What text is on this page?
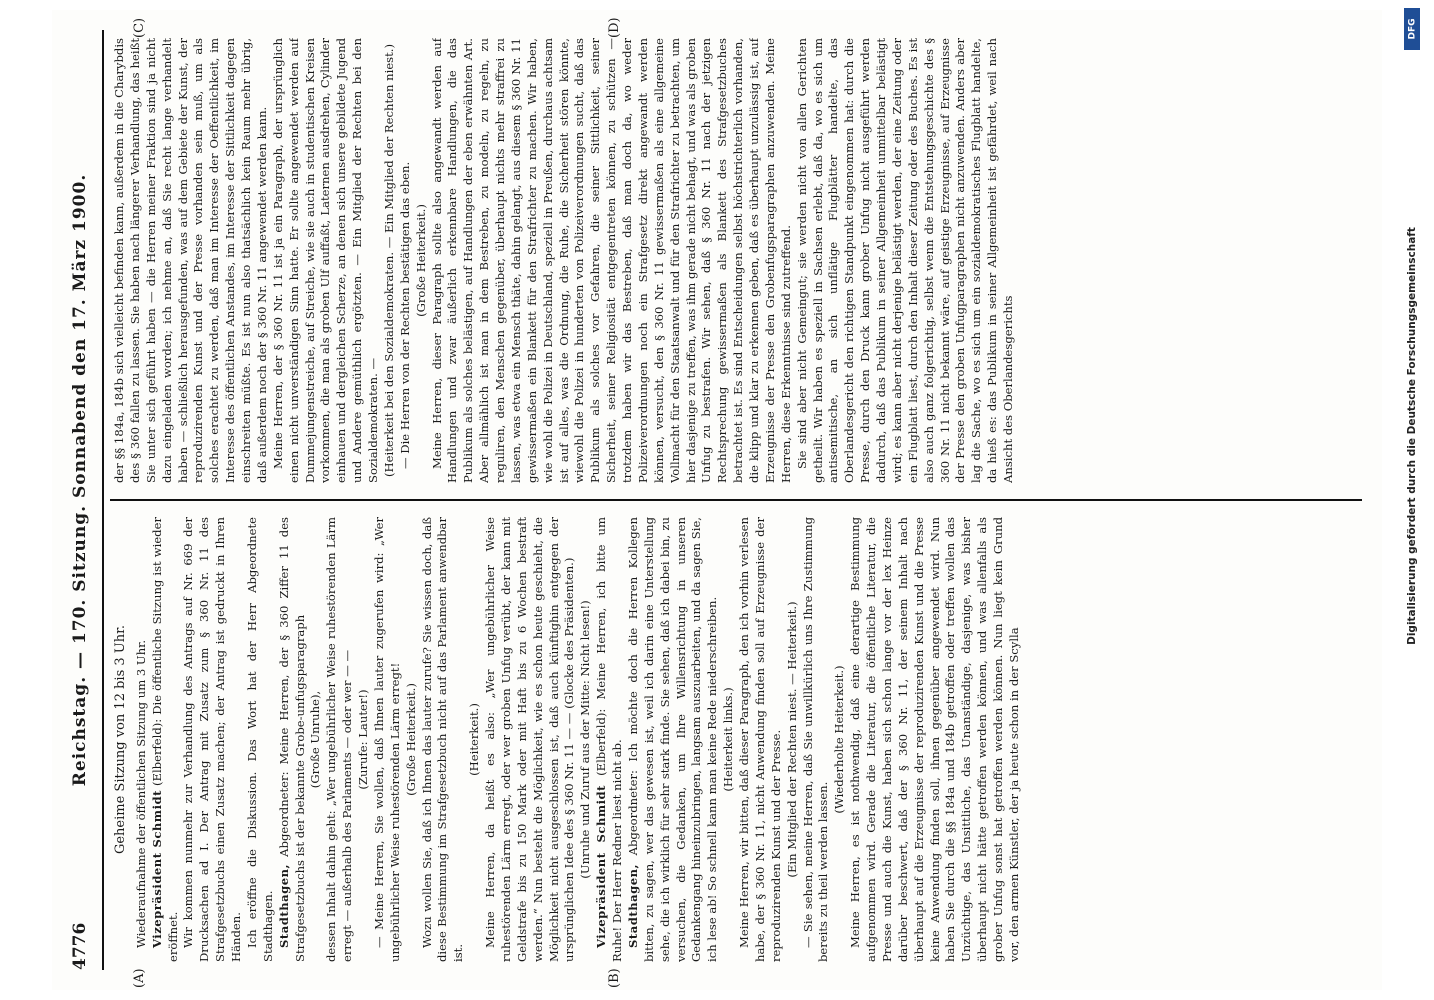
4776
Reichstag. — 170. Sitzung. Sonnabend den 17. März 1900.
(A)	(B)
(C)	(D)

Geheime Sitzung von 12 bis 3 Uhr. Wiederaufnahme der öffentlichen Sitzung um 3 Uhr. Vizepräsident Schmidt (Elberfeld): Die öffentliche Sitzung ist wieder eröffnet. Wir kommen nunmehr zur Verhandlung des Antrags auf Nr. 669 der Drucksachen ad I. Der Antrag mit Zusatz zum § 360 Nr. 11 des Strafgesetzbuchs einen Zusatz machen; der Antrag ist gedruckt in Ihren Händen. Ich eröffne die Diskussion. Das Wort hat der Herr Abgeordnete Stadthagen. Stadthagen, Abgeordneter: Meine Herren, der § 360 Ziffer 11 des Strafgesetzbuchs ist der bekannte Grobe-unfugsparagraph (Große Unruhe), dessen Inhalt dahin geht: „Wer ungebührlicher Weise ruhestörenden Lärm erregt — außerhalb des Parlaments — oder wer — — (Zurufe: Lauter!) — Meine Herren, Sie wollen, daß Ihnen lauter zugerufen wird: „Wer ungebührlicher Weise ruhestörenden Lärm erregt! (Große Heiterkeit.) Wozu wollen Sie, daß ich Ihnen das lauter zurufe? Sie wissen doch, daß diese Bestimmung im Strafgesetzbuch nicht auf das Parlament anwendbar ist.

(Heiterkeit.) Meine Herren, da heißt es also: „Wer ungebührlicher Weise ruhestörenden Lärm erregt, oder wer groben Unfug verübt, der kann mit Geldstrafe bis zu 150 Mark oder mit Haft bis zu 6 Wochen bestraft werden.“ Nun besteht die Möglichkeit, wie es schon heute geschieht, die Möglichkeit nicht ausgeschlossen ist, daß auch künftighin entgegen der ursprünglichen Idee des § 360 Nr. 11 — — (Glocke des Präsidenten.) (Unruhe und Zuruf aus der Mitte: Nicht lesen!) Vizepräsident Schmidt (Elberfeld): Meine Herren, ich bitte um Ruhe! Der Herr Redner liest nicht ab. Stadthagen, Abgeordneter: Ich möchte doch die Herren Kollegen bitten, zu sagen, wer das gewesen ist, weil ich darin eine Unterstellung sehe, die ich wirklich für sehr stark finde. Sie sehen, daß ich dabei bin, zu versuchen, die Gedanken, um Ihre Willensrichtung in unseren Gedankengang hineinzubringen, langsam auszuarbeiten, und da sagen Sie, ich lese ab! So schnell kann man keine Rede niederschreiben. (Heiterkeit links.) Meine Herren, wir bitten, daß dieser Paragraph, den ich vorhin verlesen habe, der § 360 Nr. 11, nicht Anwendung finden soll auf Erzeugnisse der reproduzirenden Kunst und der Presse. (Ein Mitglied der Rechten niest. — Heiterkeit.) — Sie sehen, meine Herren, daß Sie unwillkürlich uns Ihre Zustimmung bereits zu theil werden lassen.

(Wiederholte Heiterkeit.) Meine Herren, es ist nothwendig, daß eine derartige Bestimmung aufgenommen wird. Gerade die Literatur, die öffentliche Literatur, die Presse und auch die Kunst, haben sich schon lange vor der lex Heinze darüber beschwert, daß der § 360 Nr. 11, der seinem Inhalt nach überhaupt auf die Erzeugnisse der reproduzirenden Kunst und die Presse keine Anwendung finden soll, ihnen gegenüber angewendet wird. Nun haben Sie durch die §§ 184a und 184b getroffen oder treffen wollen das Unzüchtige, das Unsittliche, das Unanständige, dasjenige, was bisher überhaupt nicht hätte getroffen werden können, und was allenfalls als grober Unfug sonst hat getroffen werden können. Nun liegt kein Grund vor, den armen Künstler, der ja heute schon in der Scylla

der §§ 184a, 184b sich vielleicht befinden kann, außerdem in die Charybdis des § 360 fallen zu lassen. Sie haben nach längerer Verhandlung, das heißt Sie unter sich geführt haben — die Herren meiner Fraktion sind ja nicht dazu eingeladen worden; ich nehme an, daß Sie recht lange verhandelt haben — schließlich herausgefunden, was auf dem Gebiete der Kunst, der reproduzirenden Kunst und der Presse vorhanden sein muß, um als solches erachtet zu werden, daß man im Interesse der Oeffentlichkeit, im Interesse des öffentlichen Anstandes, im Interesse der Sittlichkeit dagegen einschreiten müßte. Es ist nun also thatsächlich kein Raum mehr übrig, daß außerdem noch der § 360 Nr. 11 angewendet werden kann. Meine Herren, der § 360 Nr. 11 ist ja ein Paragraph, der ursprünglich einen nicht unverständigen Sinn hatte. Er sollte angewendet werden auf Dummejungenstreiche, auf Streiche, wie sie auch in studentischen Kreisen vorkommen, die man als groben Ulf auffaßt, Laternen ausdrehen, Cylinder einhauen und dergleichen Scherze, an denen sich unsere gebildete Jugend und Andere gemüthlich ergötzten. — Ein Mitglied der Rechten bei den Sozialdemokraten. — (Heiterkeit bei den Sozialdemokraten. — Ein Mitglied der Rechten niest.) — Die Herren von der Rechten bestätigen das eben. (Große Heiterkeit.) Meine Herren, dieser Paragraph sollte also angewandt werden auf Handlungen und zwar äußerlich erkennbare Handlungen, die das Publikum als solches belästigen, auf Handlungen der eben erwähnten Art. Aber allmählich ist man in dem Bestreben, zu modeln, zu regeln, zu reguliren, den Menschen gegenüber, überhaupt nichts mehr straffrei zu lassen, was etwa ein Mensch thäte, dahin gelangt, aus diesem § 360 Nr. 11 gewissermaßen ein Blankett für den Strafrichter zu machen. Wir haben, wie wohl die Polizei in Deutschland, speziell in Preußen, durchaus achtsam ist auf alles, was die Ordnung, die Ruhe, die Sicherheit stören könnte, wiewohl die Polizei in hunderten von Polizeiverordnungen sucht, daß das Publikum als solches vor Gefahren, die seiner Sittlichkeit, seiner Sicherheit, seiner Religiosität entgegentreten können, zu schützen — trotzdem haben wir das Bestreben, daß man doch da, wo weder Polizeiverordnungen noch ein Strafgesetz direkt angewandt werden können, versucht, den § 360 Nr. 11 gewissermaßen als eine allgemeine Vollmacht für den Staatsanwalt und für den Strafrichter zu betrachten, um hier dasjenige zu treffen, was ihm gerade nicht behagt, und was als groben Unfug zu bestrafen. Wir sehen, daß § 360 Nr. 11 nach der jetzigen Rechtsprechung gewissermaßen als Blankett des Strafgesetzbuches betrachtet ist. Es sind Entscheidungen selbst höchstrichterlich vorhanden, die klipp und klar zu erkennen geben, daß es überhaupt unzulässig ist, auf Erzeugnisse der Presse den Grobenfugsparagraphen anzuwenden. Meine Herren, diese Erkenntnisse sind zutreffend. Sie sind aber nicht Gemeingut; sie werden nicht von allen Gerichten getheilt. Wir haben es speziell in Sachsen erlebt, daß da, wo es sich um antisemitische, an sich unflätige Flugblätter handelte, das Oberlandesgericht den richtigen Standpunkt eingenommen hat: durch die Presse, durch den Druck kann grober Unfug nicht ausgeführt werden dadurch, daß das Publikum in seiner Allgemeinheit unmittelbar belästigt wird; es kann aber nicht derjenige belästigt werden, der eine Zeitung oder ein Flugblatt liest, durch den Inhalt dieser Zeitung oder des Buches. Es ist also auch ganz folgerichtig, selbst wenn die Entstehungsgeschichte des § 360 Nr. 11 nicht bekannt wäre, auf geistige Erzeugnisse, auf Erzeugnisse der Presse den groben Unfugparagraphen nicht anzuwenden. Anders aber lag die Sache, wo es sich um ein sozialdemokratisches Flugblatt handelte, da hieß es: das Publikum in seiner Allgemeinheit ist gefährdet, weil nach Ansicht des Oberlandesgerichts

DFG
Digitalisierung gefördert durch die Deutsche Forschungsgemeinschaft
